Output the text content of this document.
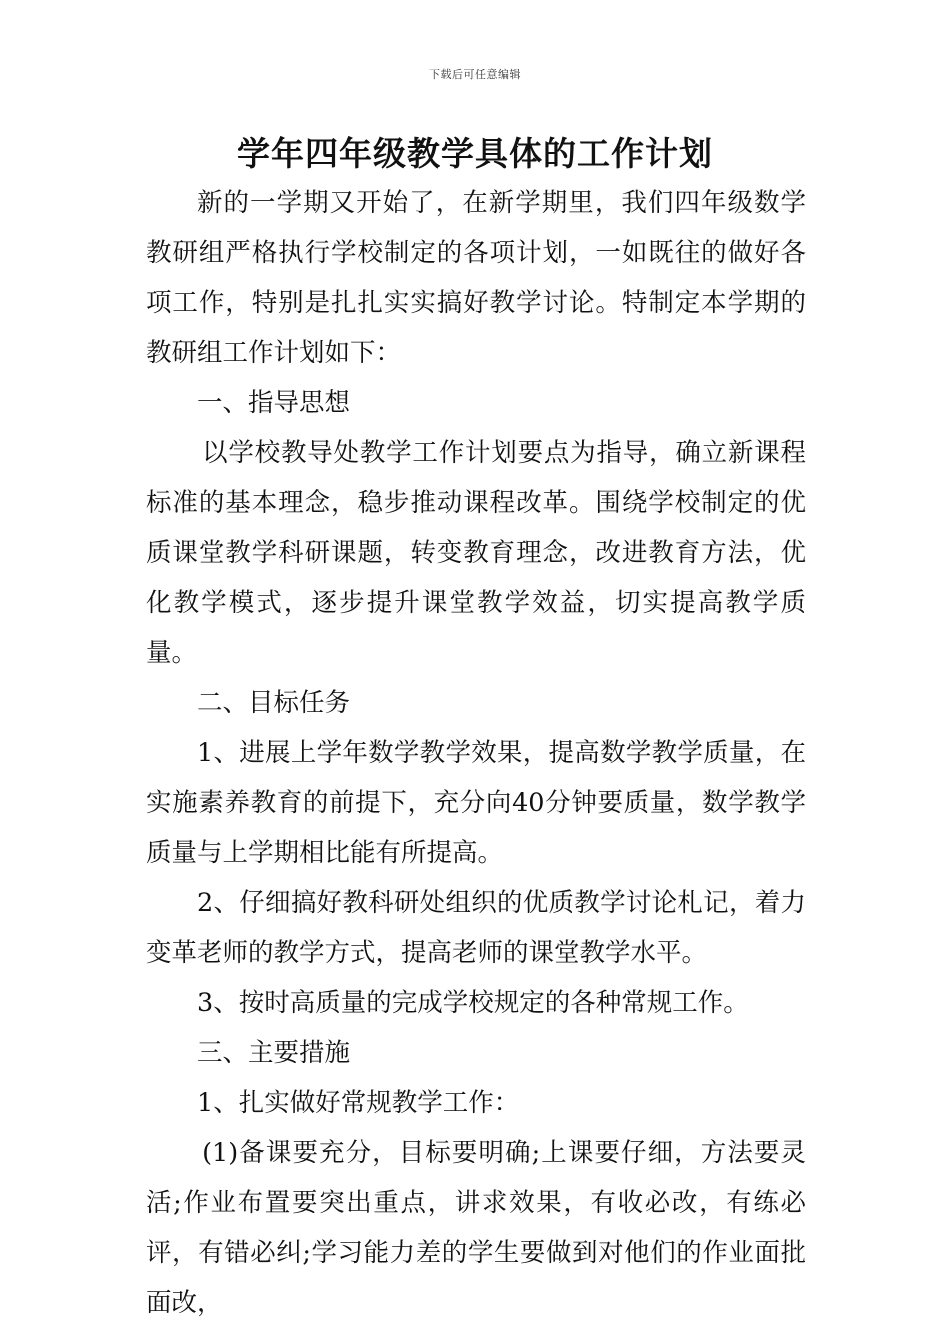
下载后可任意编辑
学年四年级教学具体的工作计划

新的一学期又开始了，在新学期里，我们四年级数学教研组严格执行学校制定的各项计划，一如既往的做好各项工作，特别是扎扎实实搞好教学讨论。特制定本学期的教研组工作计划如下：

一、指导思想

以学校教导处教学工作计划要点为指导，确立新课程标准的基本理念，稳步推动课程改革。围绕学校制定的优质课堂教学科研课题，转变教育理念，改进教育方法，优化教学模式，逐步提升课堂教学效益，切实提高教学质量。

二、目标任务

1、进展上学年数学教学效果，提高数学教学质量，在实施素养教育的前提下，充分向40分钟要质量，数学教学质量与上学期相比能有所提高。

2、仔细搞好教科研处组织的优质教学讨论札记，着力变革老师的教学方式，提高老师的课堂教学水平。

3、按时高质量的完成学校规定的各种常规工作。

三、主要措施

1、扎实做好常规教学工作：

(1)备课要充分，目标要明确;上课要仔细，方法要灵活;作业布置要突出重点，讲求效果，有收必改，有练必评，有错必纠;学习能力差的学生要做到对他们的作业面批面改，
